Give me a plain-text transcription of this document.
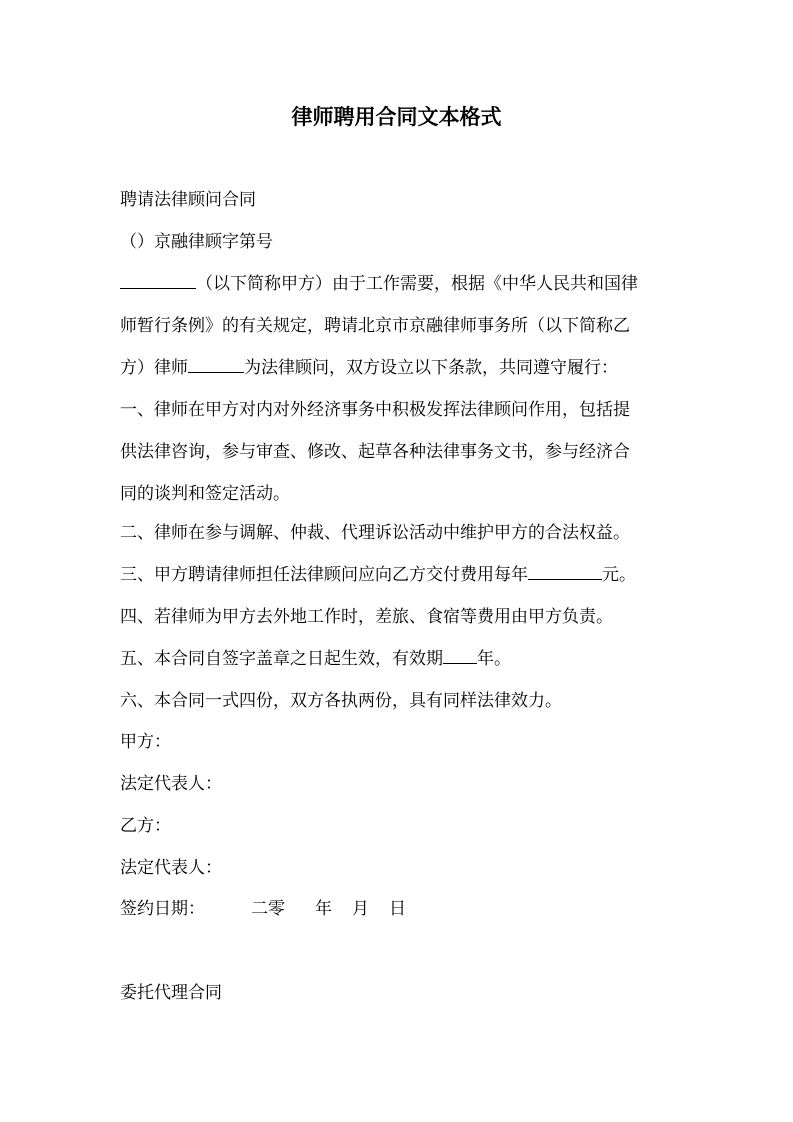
律师聘用合同文本格式

聘请法律顾问合同

（）京融律顾字第号

（以下简称甲方）由于工作需要，根据《中华人民共和国律

师暂行条例》的有关规定，聘请北京市京融律师事务所（以下简称乙

方）律师	为法律顾问，双方设立以下条款，共同遵守履行：

一、律师在甲方对内对外经济事务中积极发挥法律顾问作用，包括提

供法律咨询，参与审查、修改、起草各种法律事务文书，参与经济合

同的谈判和签定活动。

二、律师在参与调解、仲裁、代理诉讼活动中维护甲方的合法权益。

三、甲方聘请律师担任法律顾问应向乙方交付费用每年	元。

四、若律师为甲方去外地工作时，差旅、食宿等费用由甲方负责。

五、本合同自签字盖章之日起生效，有效期 年。

六、本合同一式四份，双方各执两份，具有同样法律效力。

甲方：

法定代表人：

乙方：

法定代表人：

签约日期：	二零 年 月 日

委托代理合同
